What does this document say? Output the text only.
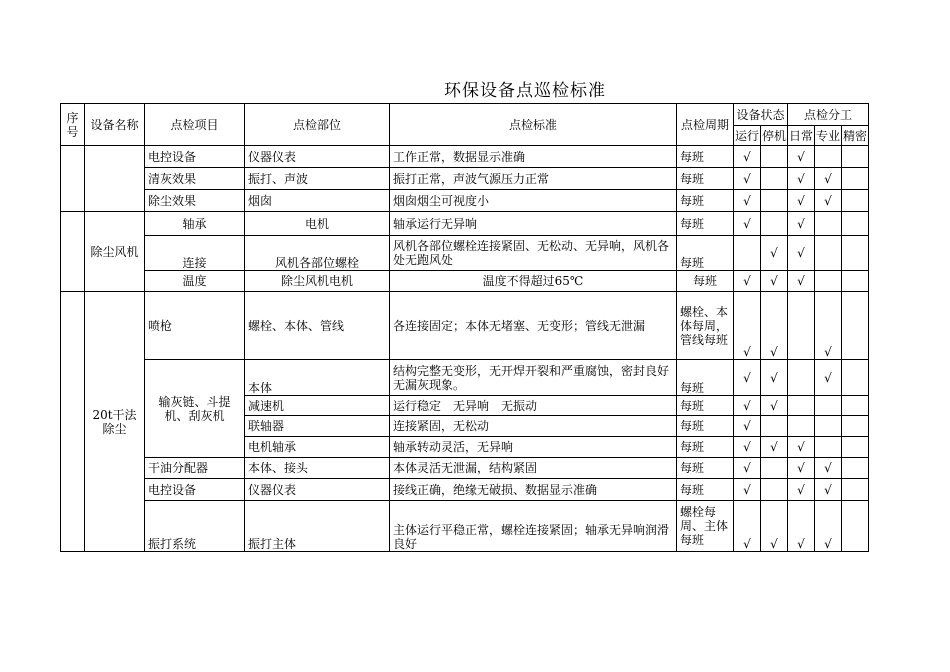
环保设备点巡检标准
序号	设备名称	点检项目	点检部位	点检标准	点检周期	设备状态		点检分工		
						运行	停机	日常	专业	精密
		电控设备	仪器仪表	工作正常，数据显示准确	每班	√		√		
		清灰效果	振打、声波	振打正常，声波气源压力正常	每班	√		√	√	
		除尘效果	烟囱	烟囱烟尘可视度小	每班	√		√	√	
	除尘风机	轴承	电机	轴承运行无异响	每班	√		√		
		连接	风机各部位螺栓	风机各部位螺栓连接紧固、无松动、无异响，风机各处无跑风处	每班		√	√		
		温度	除尘风机电机	温度不得超过65℃	每班	√	√	√		
	20t干法除尘	喷枪	螺栓、本体、管线	各连接固定；本体无堵塞、无变形；管线无泄漏	螺栓、本体每周，管线每班	√	√		√	
		输灰链、斗提机、刮灰机	本体	结构完整无变形，无开焊开裂和严重腐蚀，密封良好无漏灰现象。	每班	√	√		√	
			减速机	运行稳定　无异响　无振动	每班	√	√			
			联轴器	连接紧固，无松动	每班	√				
			电机轴承	轴承转动灵活，无异响	每班	√	√	√		
		干油分配器	本体、接头	本体灵活无泄漏，结构紧固	每班	√		√	√	
		电控设备	仪器仪表	接线正确，绝缘无破损、数据显示准确	每班	√		√	√	
		振打系统	振打主体	主体运行平稳正常，螺栓连接紧固；轴承无异响润滑良好	螺栓每周、主体每班	√	√	√	√	
